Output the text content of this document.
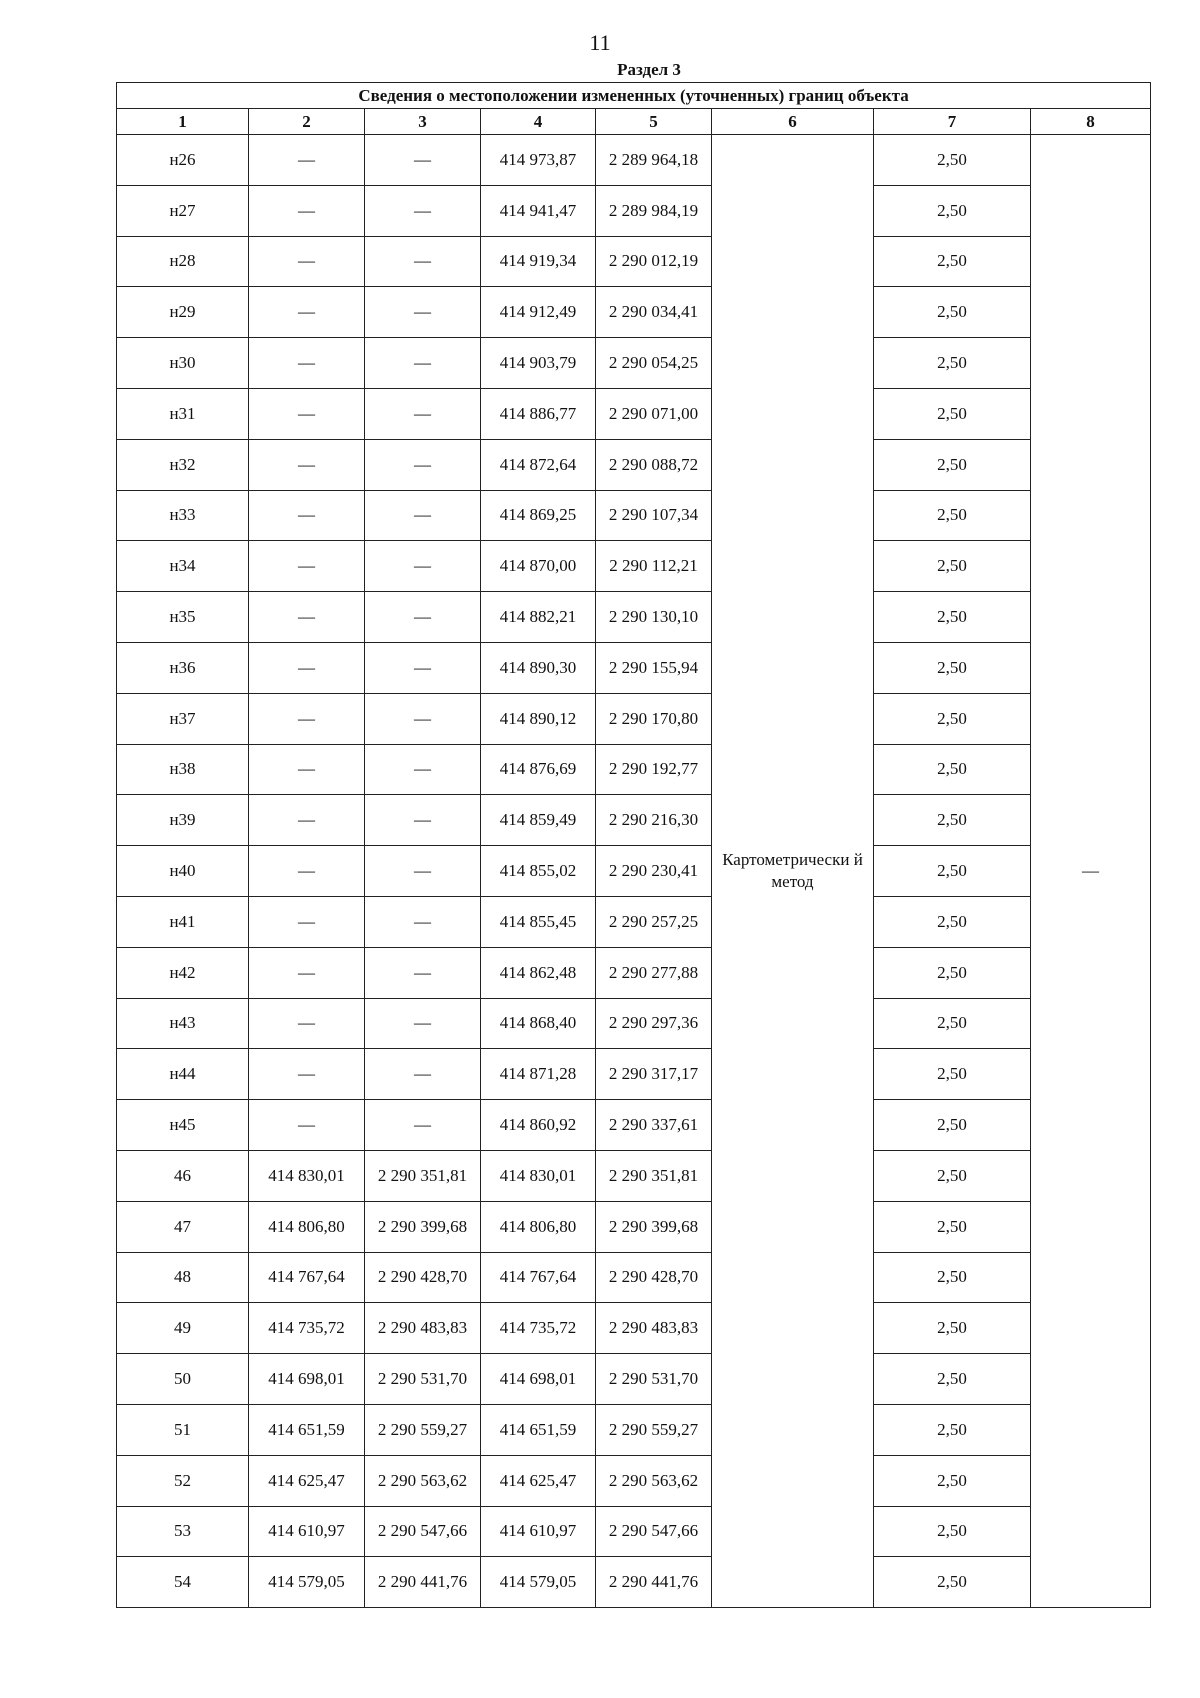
11
Раздел 3
Сведения о местоположении измененных (уточненных) границ объекта							
1	2	3	4	5	6	7	8
н26	—	—	414 973,87	2 289 964,18	Картометрически й метод	2,50	—
н27	—	—	414 941,47	2 289 984,19		2,50	
н28	—	—	414 919,34	2 290 012,19		2,50	
н29	—	—	414 912,49	2 290 034,41		2,50	
н30	—	—	414 903,79	2 290 054,25		2,50	
н31	—	—	414 886,77	2 290 071,00		2,50	
н32	—	—	414 872,64	2 290 088,72		2,50	
н33	—	—	414 869,25	2 290 107,34		2,50	
н34	—	—	414 870,00	2 290 112,21		2,50	
н35	—	—	414 882,21	2 290 130,10		2,50	
н36	—	—	414 890,30	2 290 155,94		2,50	
н37	—	—	414 890,12	2 290 170,80		2,50	
н38	—	—	414 876,69	2 290 192,77		2,50	
н39	—	—	414 859,49	2 290 216,30		2,50	
н40	—	—	414 855,02	2 290 230,41		2,50	
н41	—	—	414 855,45	2 290 257,25		2,50	
н42	—	—	414 862,48	2 290 277,88		2,50	
н43	—	—	414 868,40	2 290 297,36		2,50	
н44	—	—	414 871,28	2 290 317,17		2,50	
н45	—	—	414 860,92	2 290 337,61		2,50	
46	414 830,01	2 290 351,81	414 830,01	2 290 351,81		2,50	
47	414 806,80	2 290 399,68	414 806,80	2 290 399,68		2,50	
48	414 767,64	2 290 428,70	414 767,64	2 290 428,70		2,50	
49	414 735,72	2 290 483,83	414 735,72	2 290 483,83		2,50	
50	414 698,01	2 290 531,70	414 698,01	2 290 531,70		2,50	
51	414 651,59	2 290 559,27	414 651,59	2 290 559,27		2,50	
52	414 625,47	2 290 563,62	414 625,47	2 290 563,62		2,50	
53	414 610,97	2 290 547,66	414 610,97	2 290 547,66		2,50	
54	414 579,05	2 290 441,76	414 579,05	2 290 441,76		2,50	
